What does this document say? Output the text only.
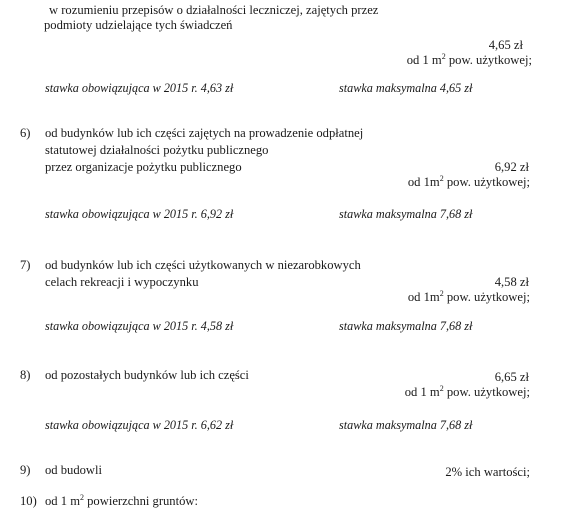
w rozumieniu przepisów o działalności leczniczej, zajętych przez
podmioty udzielające tych świadczeń
4,65 zł
od 1 $m^2$ pow. użytkowej;
stawka obowiązująca w 2015 r. 4,63 zł	stawka maksymalna 4,65 zł
6) od budynków lub ich części zajętych na prowadzenie odpłatnej
statutowej działalności pożytku publicznego
przez organizacje pożytku publicznego	6,92 zł
od $1m^2$ pow. użytkowej;
stawka obowiązująca w 2015 r. 6,92 zł	stawka maksymalna 7,68 zł
7) od budynków lub ich części użytkowanych w niezarobkowych
celach rekreacji i wypoczynku	4,58 zł
od $1m^2$ pow. użytkowej;
stawka obowiązująca w 2015 r. 4,58 zł	stawka maksymalna 7,68 zł
8) od pozostałych budynków lub ich części	6,65 zł
od 1 $m^2$ pow. użytkowej;
stawka obowiązująca w 2015 r. 6,62 zł	stawka maksymalna 7,68 zł
9) od budowli	2% ich wartości;
10) od 1 $m^2$ powierzchni gruntów:
